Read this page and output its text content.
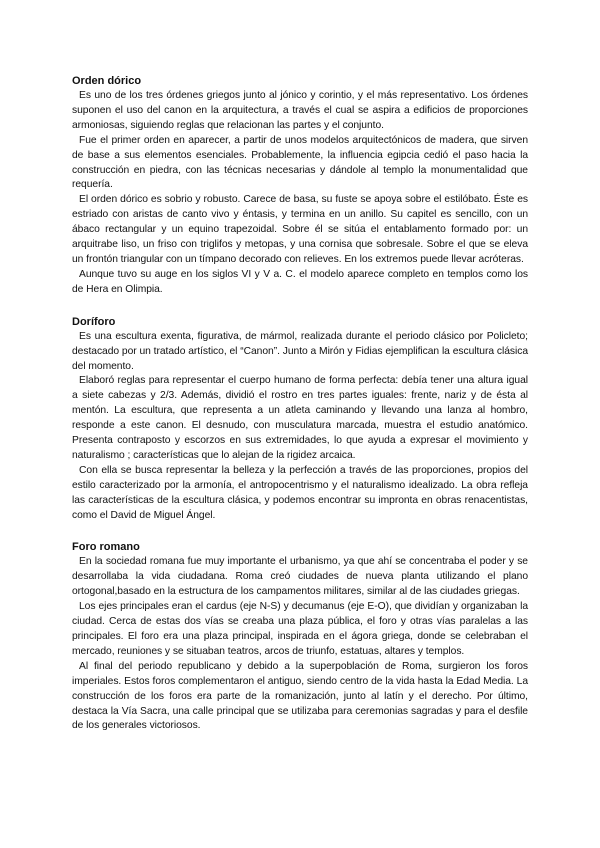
Orden dórico

Es uno de los tres órdenes griegos junto al jónico y corintio, y el más representativo. Los órdenes suponen el uso del canon en la arquitectura, a través el cual se aspira a edificios de proporciones armoniosas, siguiendo reglas que relacionan las partes y el conjunto.

Fue el primer orden en aparecer, a partir de unos modelos arquitectónicos de madera, que sirven de base a sus elementos esenciales. Probablemente, la influencia egipcia cedió el paso hacia la construcción en piedra, con las técnicas necesarias y dándole al templo la monumentalidad que requería.

El orden dórico es sobrio y robusto. Carece de basa, su fuste se apoya sobre el estilóbato. Éste es estriado con aristas de canto vivo y éntasis, y termina en un anillo. Su capitel es sencillo, con un ábaco rectangular y un equino trapezoidal. Sobre él se sitúa el entablamento formado por: un arquitrabe liso, un friso con triglifos y metopas, y una cornisa que sobresale. Sobre el que se eleva un frontón triangular con un tímpano decorado con relieves. En los extremos puede llevar acróteras.

Aunque tuvo su auge en los siglos VI y V a. C. el modelo aparece completo en templos como los de Hera en Olimpia.

Doríforo

Es una escultura exenta, figurativa, de mármol, realizada durante el periodo clásico por Policleto; destacado por un tratado artístico, el “Canon”. Junto a Mirón y Fidias ejemplifican la escultura clásica del momento.

Elaboró reglas para representar el cuerpo humano de forma perfecta: debía tener una altura igual a siete cabezas y 2/3. Además, dividió el rostro en tres partes iguales: frente, nariz y de ésta al mentón. La escultura, que representa a un atleta caminando y llevando una lanza al hombro, responde a este canon. El desnudo, con musculatura marcada, muestra el estudio anatómico. Presenta contraposto y escorzos en sus extremidades, lo que ayuda a expresar el movimiento y naturalismo ; características que lo alejan de la rigidez arcaica.

Con ella se busca representar la belleza y la perfección a través de las proporciones, propios del estilo caracterizado por la armonía, el antropocentrismo y el naturalismo idealizado. La obra refleja las características de la escultura clásica, y podemos encontrar su impronta en obras renacentistas, como el David de Miguel Ángel.

Foro romano

En la sociedad romana fue muy importante el urbanismo, ya que ahí se concentraba el poder y se desarrollaba la vida ciudadana. Roma creó ciudades de nueva planta utilizando el plano ortogonal,basado en la estructura de los campamentos militares, similar al de las ciudades griegas.

Los ejes principales eran el cardus (eje N-S) y decumanus (eje E-O), que dividían y organizaban la ciudad. Cerca de estas dos vías se creaba una plaza pública, el foro y otras vías paralelas a las principales. El foro era una plaza principal, inspirada en el ágora griega, donde se celebraban el mercado, reuniones y se situaban teatros, arcos de triunfo, estatuas, altares y templos.

Al final del periodo republicano y debido a la superpoblación de Roma, surgieron los foros imperiales. Estos foros complementaron el antiguo, siendo centro de la vida hasta la Edad Media. La construcción de los foros era parte de la romanización, junto al latín y el derecho. Por último, destaca la Vía Sacra, una calle principal que se utilizaba para ceremonias sagradas y para el desfile de los generales victoriosos.
